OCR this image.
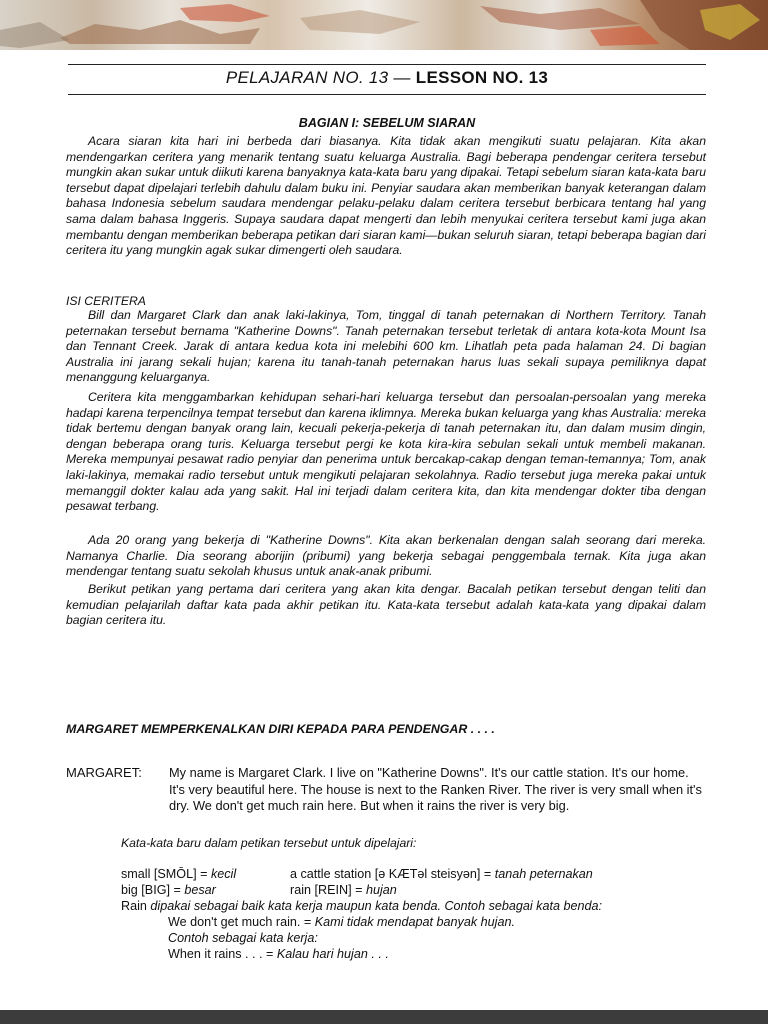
PELAJARAN NO. 13 — LESSON NO. 13
BAGIAN I: SEBELUM SIARAN

Acara siaran kita hari ini berbeda dari biasanya. Kita tidak akan mengikuti suatu pelajaran. Kita akan mendengarkan ceritera yang menarik tentang suatu keluarga Australia. Bagi beberapa pendengar ceritera tersebut mungkin akan sukar untuk diikuti karena banyaknya kata-kata baru yang dipakai. Tetapi sebelum siaran kata-kata baru tersebut dapat dipelajari terlebih dahulu dalam buku ini. Penyiar saudara akan memberikan banyak keterangan dalam bahasa Indonesia sebelum saudara mendengar pelaku-pelaku dalam ceritera tersebut berbicara tentang hal yang sama dalam bahasa Inggeris. Supaya saudara dapat mengerti dan lebih menyukai ceritera tersebut kami juga akan membantu dengan memberikan beberapa petikan dari siaran kami—bukan seluruh siaran, tetapi beberapa bagian dari ceritera itu yang mungkin agak sukar dimengerti oleh saudara.

ISI CERITERA

Bill dan Margaret Clark dan anak laki-lakinya, Tom, tinggal di tanah peternakan di Northern Territory. Tanah peternakan tersebut bernama "Katherine Downs". Tanah peternakan tersebut terletak di antara kota-kota Mount Isa dan Tennant Creek. Jarak di antara kedua kota ini melebihi 600 km. Lihatlah peta pada halaman 24. Di bagian Australia ini jarang sekali hujan; karena itu tanah-tanah peternakan harus luas sekali supaya pemiliknya dapat menanggung keluarganya.

Ceritera kita menggambarkan kehidupan sehari-hari keluarga tersebut dan persoalan-persoalan yang mereka hadapi karena terpencilnya tempat tersebut dan karena iklimnya. Mereka bukan keluarga yang khas Australia: mereka tidak bertemu dengan banyak orang lain, kecuali pekerja-pekerja di tanah peternakan itu, dan dalam musim dingin, dengan beberapa orang turis. Keluarga tersebut pergi ke kota kira-kira sebulan sekali untuk membeli makanan. Mereka mempunyai pesawat radio penyiar dan penerima untuk bercakap-cakap dengan teman-temannya; Tom, anak laki-lakinya, memakai radio tersebut untuk mengikuti pelajaran sekolahnya. Radio tersebut juga mereka pakai untuk memanggil dokter kalau ada yang sakit. Hal ini terjadi dalam ceritera kita, dan kita mendengar dokter tiba dengan pesawat terbang.

Ada 20 orang yang bekerja di "Katherine Downs". Kita akan berkenalan dengan salah seorang dari mereka. Namanya Charlie. Dia seorang aborijin (pribumi) yang bekerja sebagai penggembala ternak. Kita juga akan mendengar tentang suatu sekolah khusus untuk anak-anak pribumi.

Berikut petikan yang pertama dari ceritera yang akan kita dengar. Bacalah petikan tersebut dengan teliti dan kemudian pelajarilah daftar kata pada akhir petikan itu. Kata-kata tersebut adalah kata-kata yang dipakai dalam bagian ceritera itu.

MARGARET MEMPERKENALKAN DIRI KEPADA PARA PENDENGAR . . . .
MARGARET: My name is Margaret Clark. I live on "Katherine Downs". It's our cattle station. It's our home. It's very beautiful here. The house is next to the Ranken River. The river is very small when it's dry. We don't get much rain here. But when it rains the river is very big.

Kata-kata baru dalam petikan tersebut untuk dipelajari:
small [SMŌL] = kecil	a cattle station [ə KÆTəl steisyən] = tanah peternakan
big [BIG] = besar	rain [REIN] = hujan
Rain dipakai sebagai baik kata kerja maupun kata benda. Contoh sebagai kata benda:
We don't get much rain. = Kami tidak mendapat banyak hujan.
Contoh sebagai kata kerja:
When it rains . . . = Kalau hari hujan . . .
